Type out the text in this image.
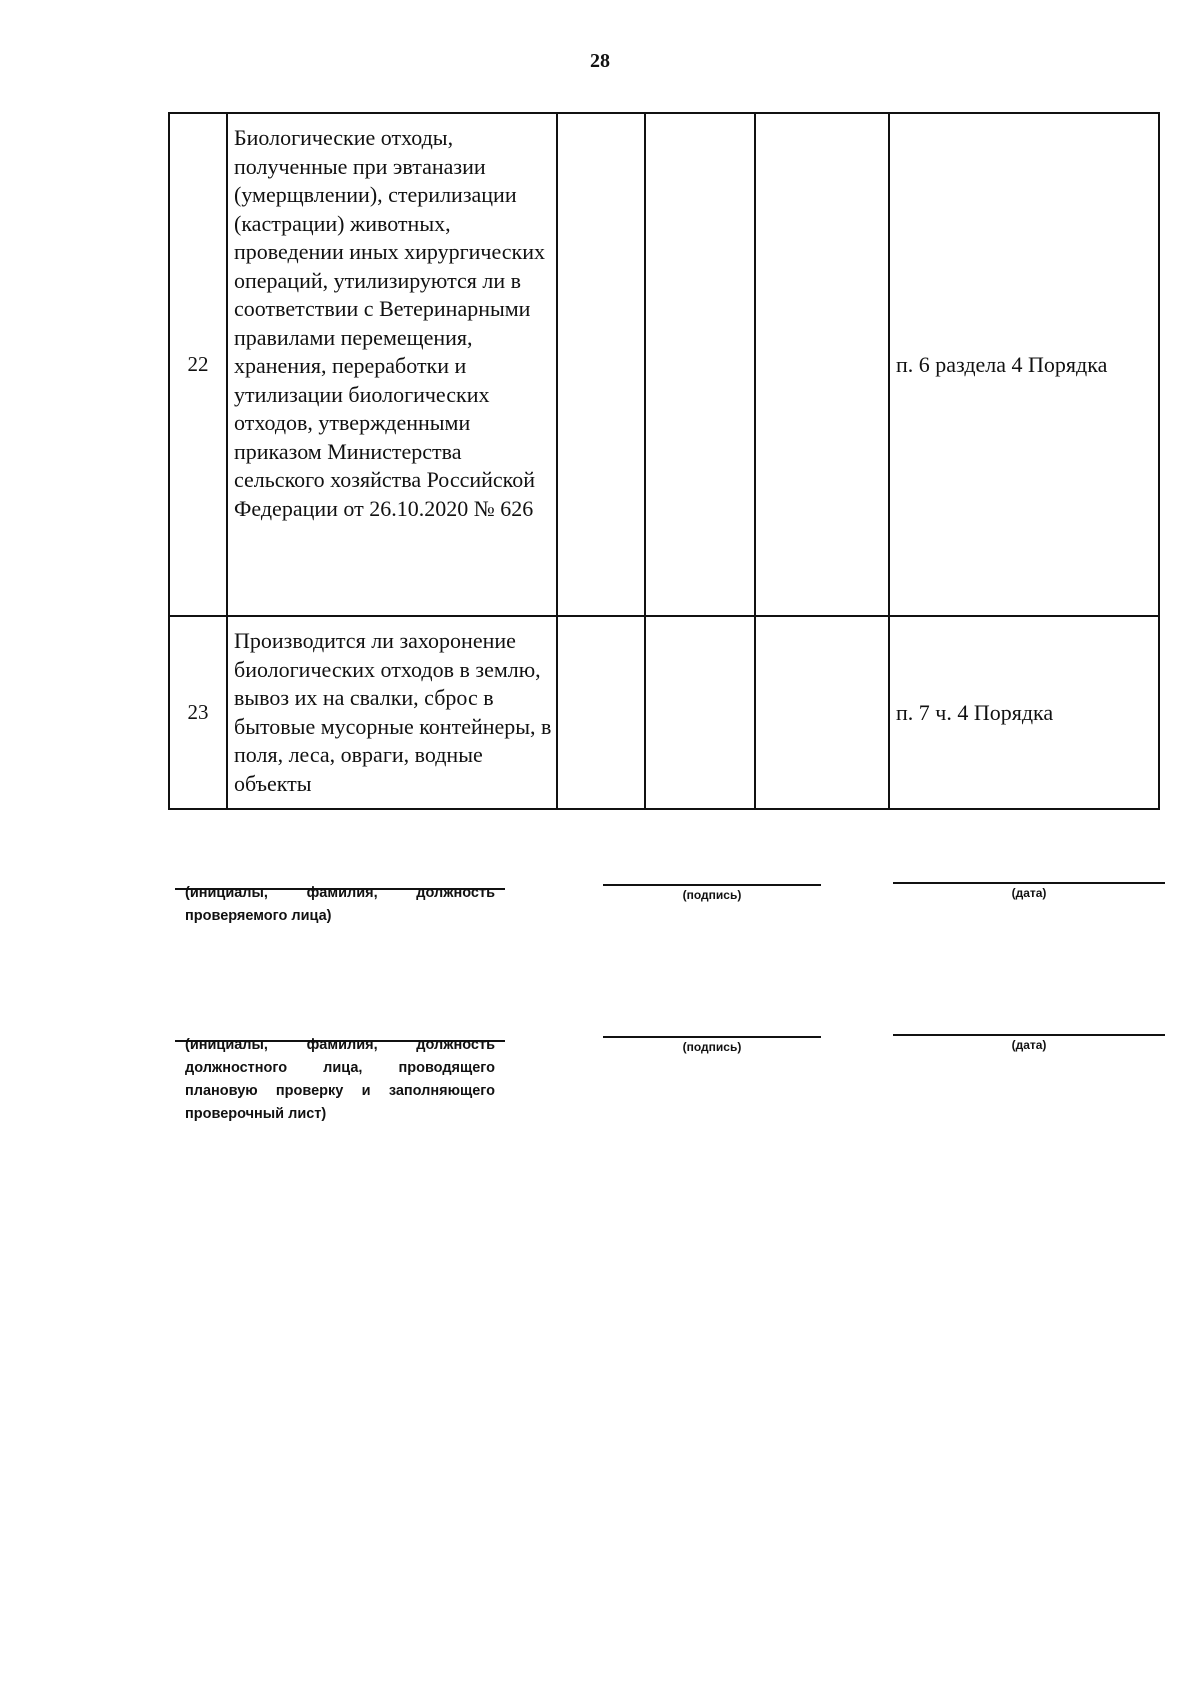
28
22	Биологические отходы, полученные при эвтаназии (умерщвлении), стерилизации (кастрации) животных, проведении иных хирургических операций, утилизируются ли в соответствии с Ветеринарными правилами перемещения, хранения, переработки и утилизации биологических отходов, утвержденными приказом Министерства сельского хозяйства Российской Федерации от 26.10.2020 № 626				п. 6 раздела 4 Порядка
23	Производится ли захоронение биологических отходов в землю, вывоз их на свалки, сброс в бытовые мусорные контейнеры, в поля, леса, овраги, водные объекты				п. 7 ч. 4 Порядка
(инициалы, фамилия, должность
проверяемого лица)
(подпись)	(дата)
(инициалы, фамилия, должность
должностного лица, проводящего плановую проверку и заполняющего проверочный лист)
(подпись)	(дата)
